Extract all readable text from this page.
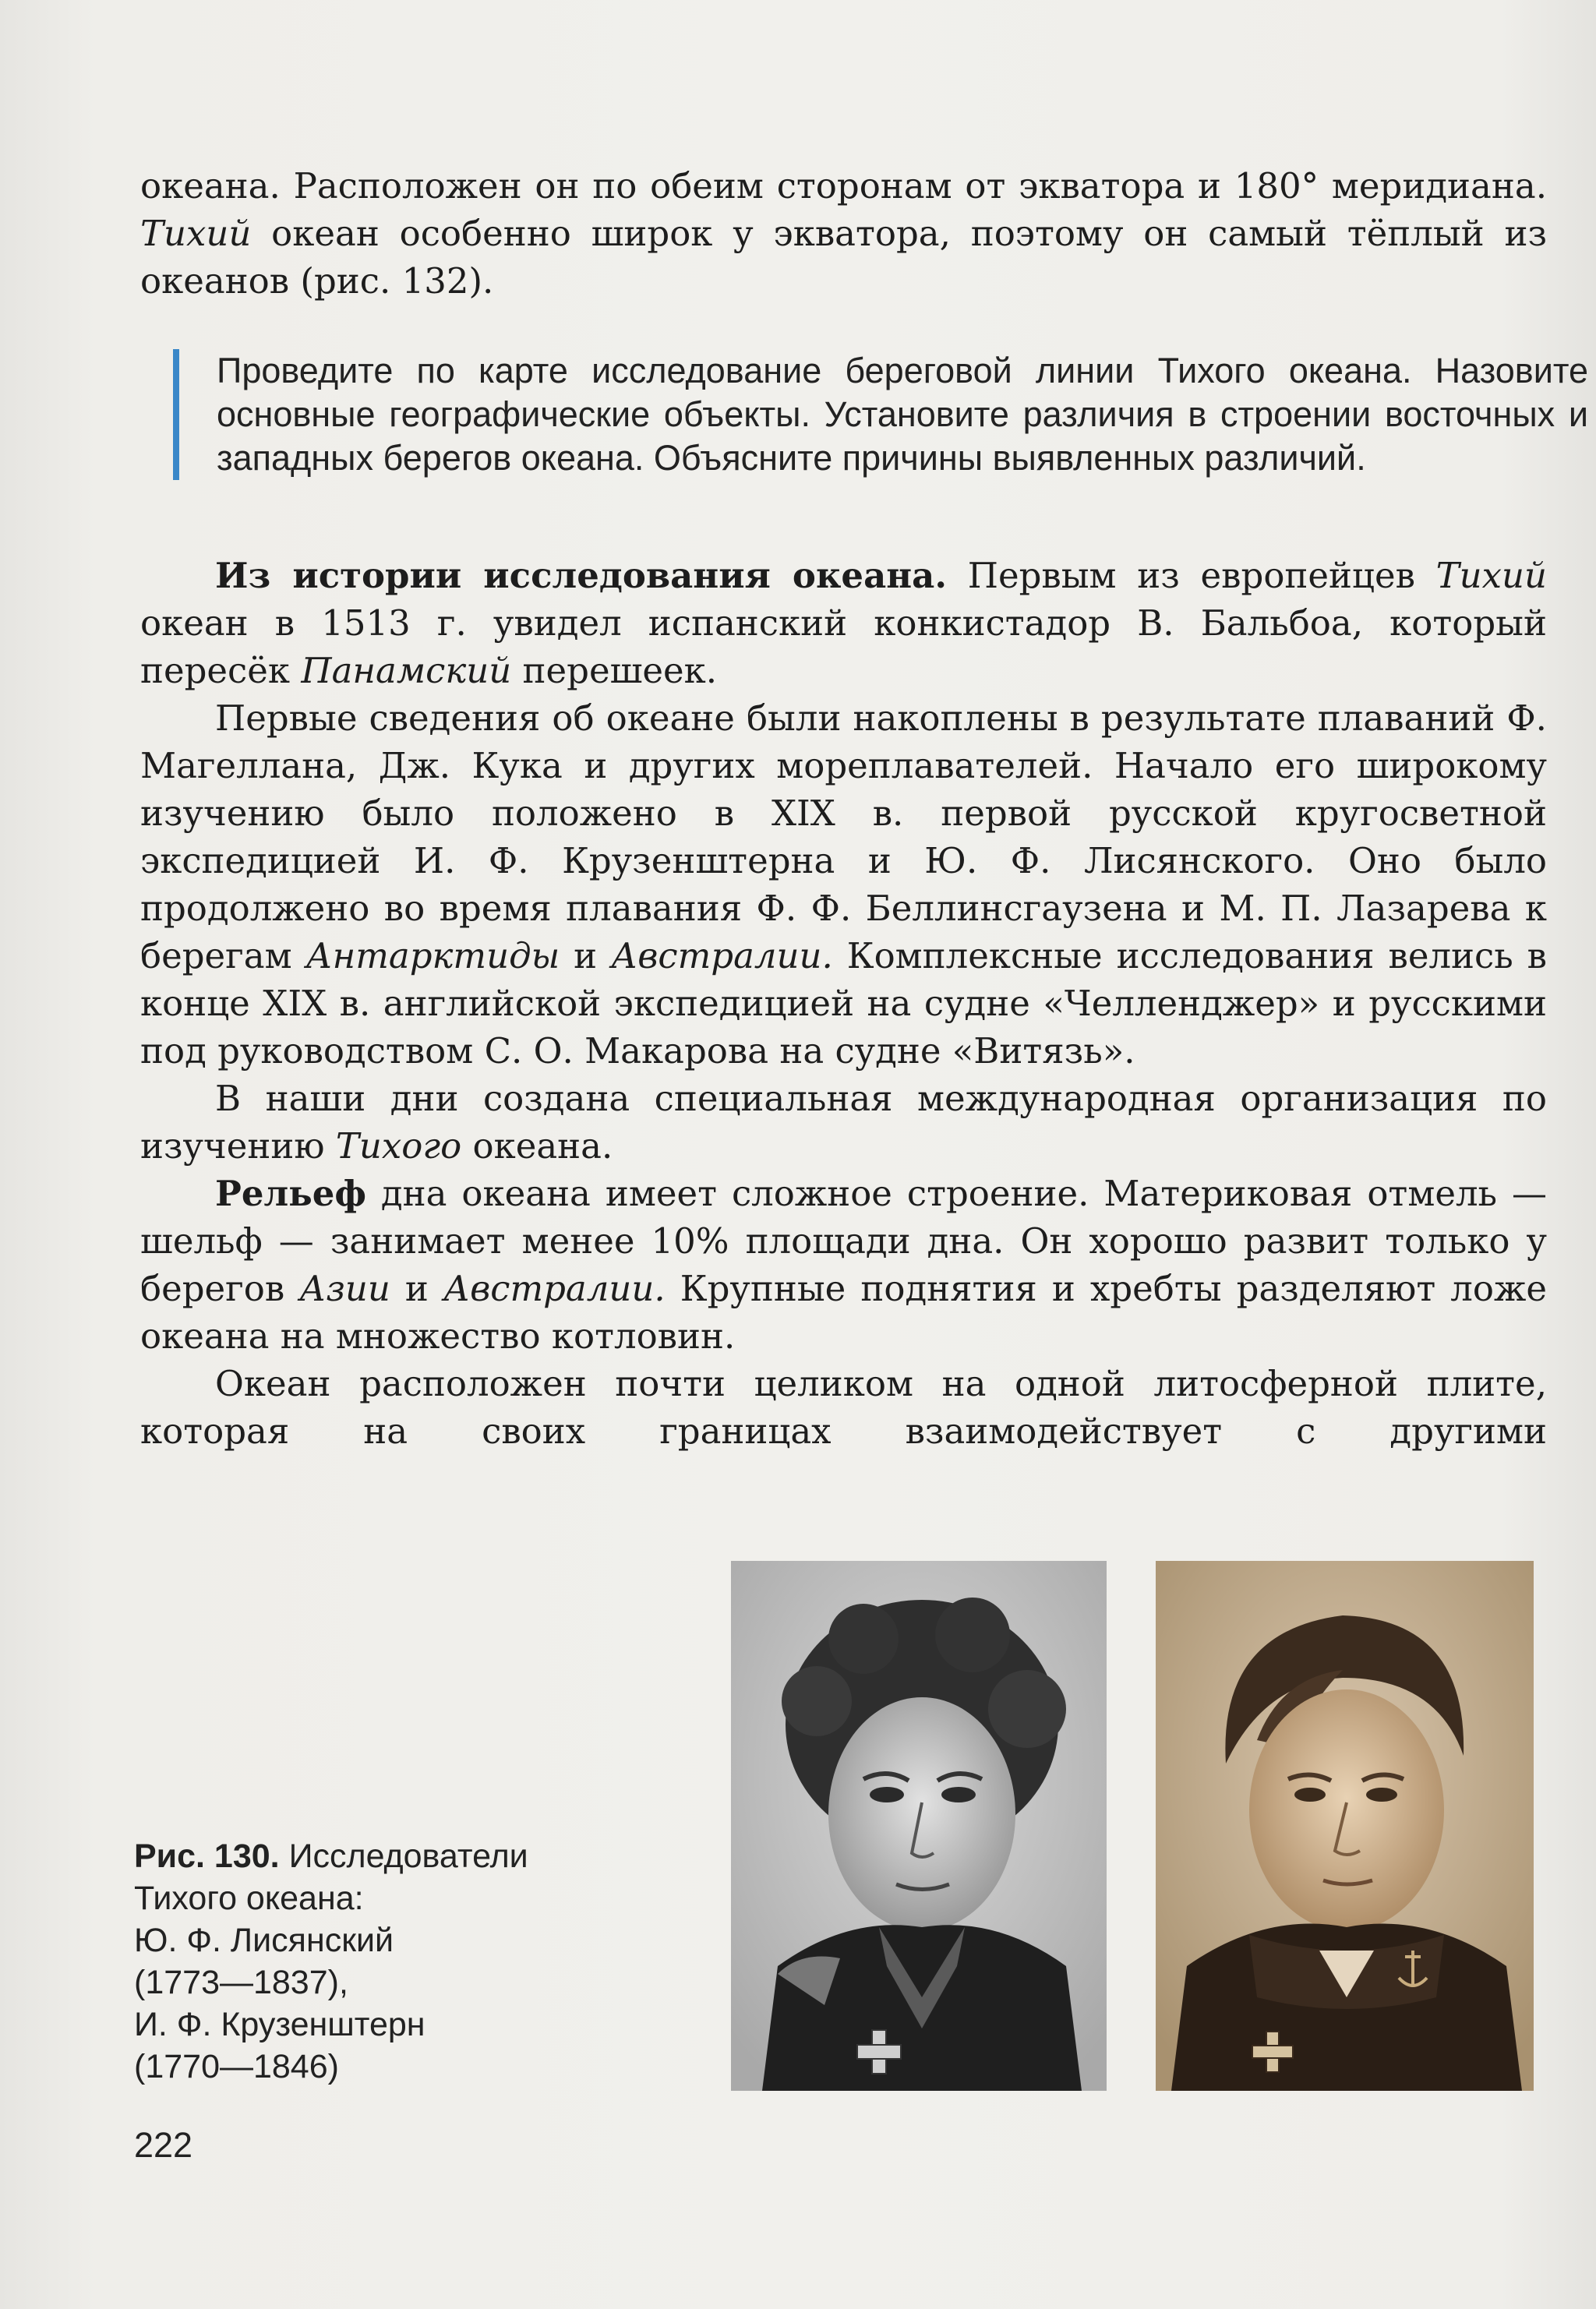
океана. Расположен он по обеим сторонам от экватора и 180° меридиана. Тихий океан особенно широк у экватора, поэтому он самый тёплый из океанов (рис. 132).

Проведите по карте исследование береговой линии Тихого океана. Назовите основные географические объекты. Установите различия в строении восточных и западных берегов океана. Объясните причины выявленных различий.

Из истории исследования океана. Первым из европейцев Тихий океан в 1513 г. увидел испанский конкистадор В. Бальбоа, который пересёк Панамский перешеек.

Первые сведения об океане были накоплены в результате плаваний Ф. Магеллана, Дж. Кука и других мореплавателей. Начало его широкому изучению было положено в XIX в. первой русской кругосветной экспедицией И. Ф. Крузенштерна и Ю. Ф. Лисянского. Оно было продолжено во время плавания Ф. Ф. Беллинсгаузена и М. П. Лазарева к берегам Антарктиды и Австралии. Комплексные исследования велись в конце XIX в. английской экспедицией на судне «Челленджер» и русскими под руководством С. О. Макарова на судне «Витязь».

В наши дни создана специальная международная организация по изучению Тихого океана.

Рельеф дна океана имеет сложное строение. Материковая отмель — шельф — занимает менее 10% площади дна. Он хорошо развит только у берегов Азии и Австралии. Крупные поднятия и хребты разделяют ложе океана на множество котловин.

Океан расположен почти целиком на одной литосферной плите, которая на своих границах взаимодействует с другими

Рис. 130. Исследователи
Тихого океана:
Ю. Ф. Лисянский
(1773—1837),
И. Ф. Крузенштерн
(1770—1846)
222
